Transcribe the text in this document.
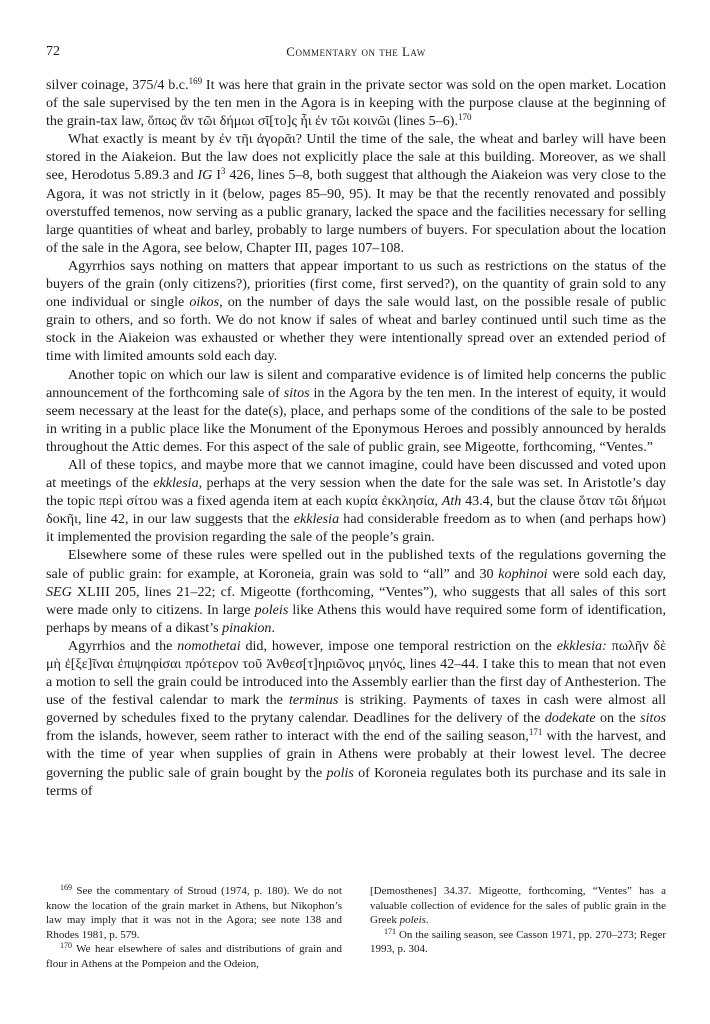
72	Commentary on the Law

silver coinage, 375/4 b.c.$^{169}$ It was here that grain in the private sector was sold on the open market. Location of the sale supervised by the ten men in the Agora is in keeping with the purpose clause at the beginning of the grain-tax law, ὅπως ἂν τῶι δήμωι σῖ[το]ς ἧι ἐν τῶι κοινῶι (lines 5–6).$^{170}$

What exactly is meant by ἐν τῆι ἀγορᾶι? Until the time of the sale, the wheat and barley will have been stored in the Aiakeion. But the law does not explicitly place the sale at this building. Moreover, as we shall see, Herodotus 5.89.3 and IG $I^3$ 426, lines 5–8, both suggest that although the Aiakeion was very close to the Agora, it was not strictly in it (below, pages 85–90, 95). It may be that the recently renovated and possibly overstuffed temenos, now serving as a public granary, lacked the space and the facilities necessary for selling large quantities of wheat and barley, probably to large numbers of buyers. For speculation about the location of the sale in the Agora, see below, Chapter III, pages 107–108.

Agyrrhios says nothing on matters that appear important to us such as restrictions on the status of the buyers of the grain (only citizens?), priorities (first come, first served?), on the quantity of grain sold to any one individual or single oikos, on the number of days the sale would last, on the possible resale of public grain to others, and so forth. We do not know if sales of wheat and barley continued until such time as the stock in the Aiakeion was exhausted or whether they were intentionally spread over an extended period of time with limited amounts sold each day.

Another topic on which our law is silent and comparative evidence is of limited help concerns the public announcement of the forthcoming sale of sitos in the Agora by the ten men. In the interest of equity, it would seem necessary at the least for the date(s), place, and perhaps some of the conditions of the sale to be posted in writing in a public place like the Monument of the Eponymous Heroes and possibly announced by heralds throughout the Attic demes. For this aspect of the sale of public grain, see Migeotte, forthcoming, “Ventes.”

All of these topics, and maybe more that we cannot imagine, could have been discussed and voted upon at meetings of the ekklesia, perhaps at the very session when the date for the sale was set. In Aristotle’s day the topic περὶ σίτου was a fixed agenda item at each κυρία ἐκκλησία, Ath 43.4, but the clause ὅταν τῶι δήμωι δοκῆι, line 42, in our law suggests that the ekklesia had considerable freedom as to when (and perhaps how) it implemented the provision regarding the sale of the people’s grain.

Elsewhere some of these rules were spelled out in the published texts of the regulations governing the sale of public grain: for example, at Koroneia, grain was sold to “all” and 30 kophinoi were sold each day, SEG XLIII 205, lines 21–22; cf. Migeotte (forthcoming, “Ventes”), who suggests that all sales of this sort were made only to citizens. In large poleis like Athens this would have required some form of identification, perhaps by means of a dikast’s pinakion.

Agyrrhios and the nomothetai did, however, impose one temporal restriction on the ekklesia: πωλῆν δὲ μὴ ἐ[ξε]ῖναι ἐπιψηφίσαι πρότερον τοῦ Ἀνθεσ[τ]ηριῶνος μηνός, lines 42–44. I take this to mean that not even a motion to sell the grain could be introduced into the Assembly earlier than the first day of Anthesterion. The use of the festival calendar to mark the terminus is striking. Payments of taxes in cash were almost all governed by schedules fixed to the prytany calendar. Deadlines for the delivery of the dodekate on the sitos from the islands, however, seem rather to interact with the end of the sailing season,$^{171}$ with the harvest, and with the time of year when supplies of grain in Athens were probably at their lowest level. The decree governing the public sale of grain bought by the polis of Koroneia regulates both its purchase and its sale in terms of

$^{169}$ See the commentary of Stroud (1974, p. 180). We do not know the location of the grain market in Athens, but Nikophon’s law may imply that it was not in the Agora; see note 138 and Rhodes 1981, p. 579.

$^{170}$ We hear elsewhere of sales and distributions of grain and flour in Athens at the Pompeion and the Odeion,

[Demosthenes] 34.37. Migeotte, forthcoming, “Ventes” has a valuable collection of evidence for the sales of public grain in the Greek poleis.

$^{171}$ On the sailing season, see Casson 1971, pp. 270–273; Reger 1993, p. 304.
